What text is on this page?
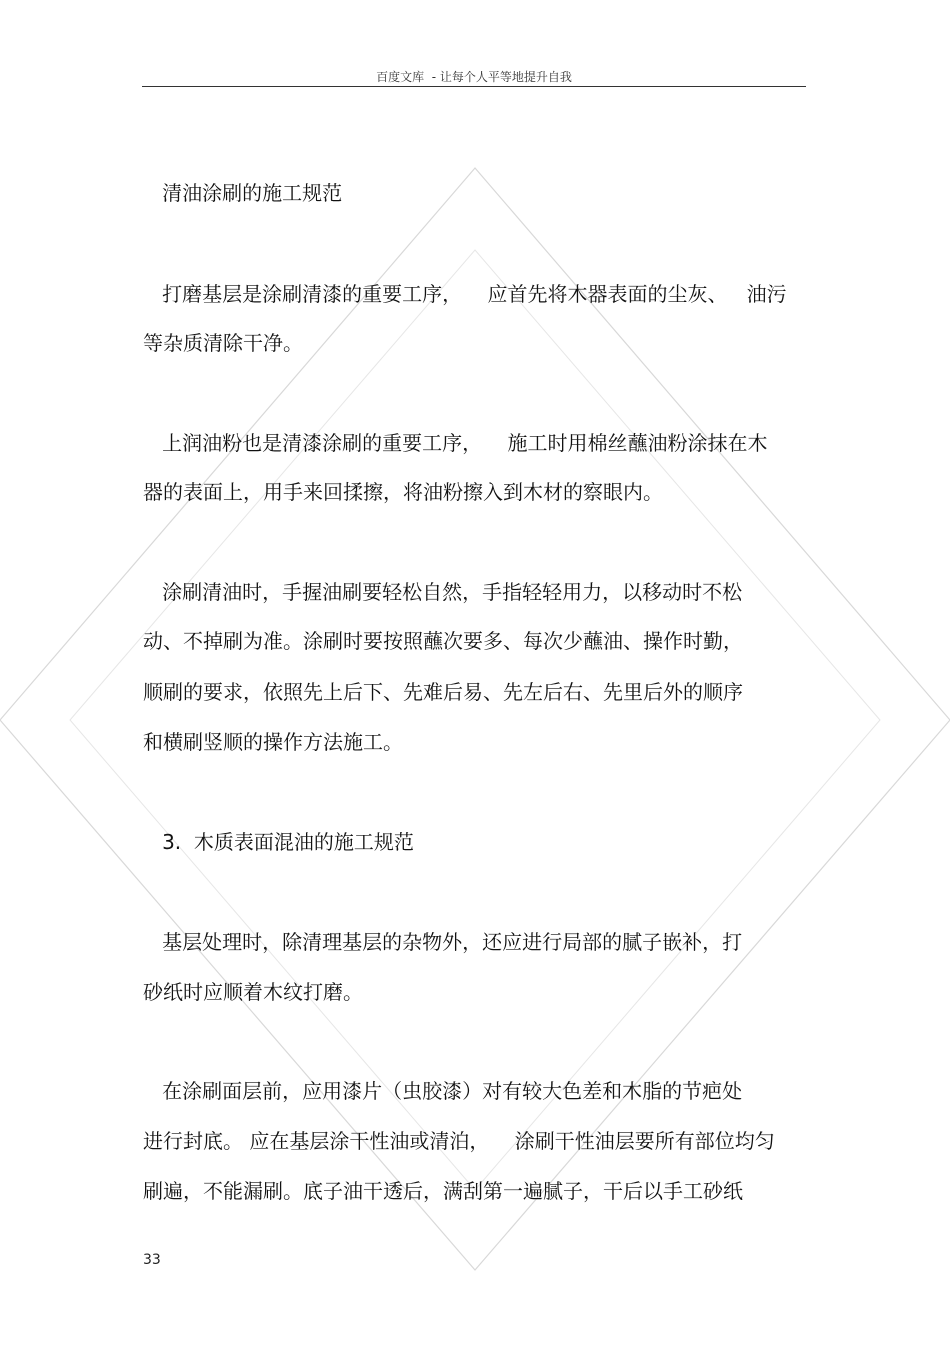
百度文库  - 让每个人平等地提升自我
清油涂刷的施工规范
打磨基层是涂刷清漆的重要工序，    应首先将木器表面的尘灰、   油污
等杂质清除干净。
上润油粉也是清漆涂刷的重要工序，    施工时用棉丝蘸油粉涂抹在木
器的表面上，用手来回揉擦，将油粉擦入到木材的察眼内。
涂刷清油时，手握油刷要轻松自然，手指轻轻用力，以移动时不松
动、不掉刷为准。涂刷时要按照蘸次要多、每次少蘸油、操作时勤，
顺刷的要求，依照先上后下、先难后易、先左后右、先里后外的顺序
和横刷竖顺的操作方法施工。
3.  木质表面混油的施工规范
基层处理时，除清理基层的杂物外，还应进行局部的腻子嵌补，打
砂纸时应顺着木纹打磨。
在涂刷面层前，应用漆片（虫胶漆）对有较大色差和木脂的节疤处
进行封底。 应在基层涂干性油或清泊，    涂刷干性油层要所有部位均匀
刷遍，不能漏刷。底子油干透后，满刮第一遍腻子，干后以手工砂纸
33
